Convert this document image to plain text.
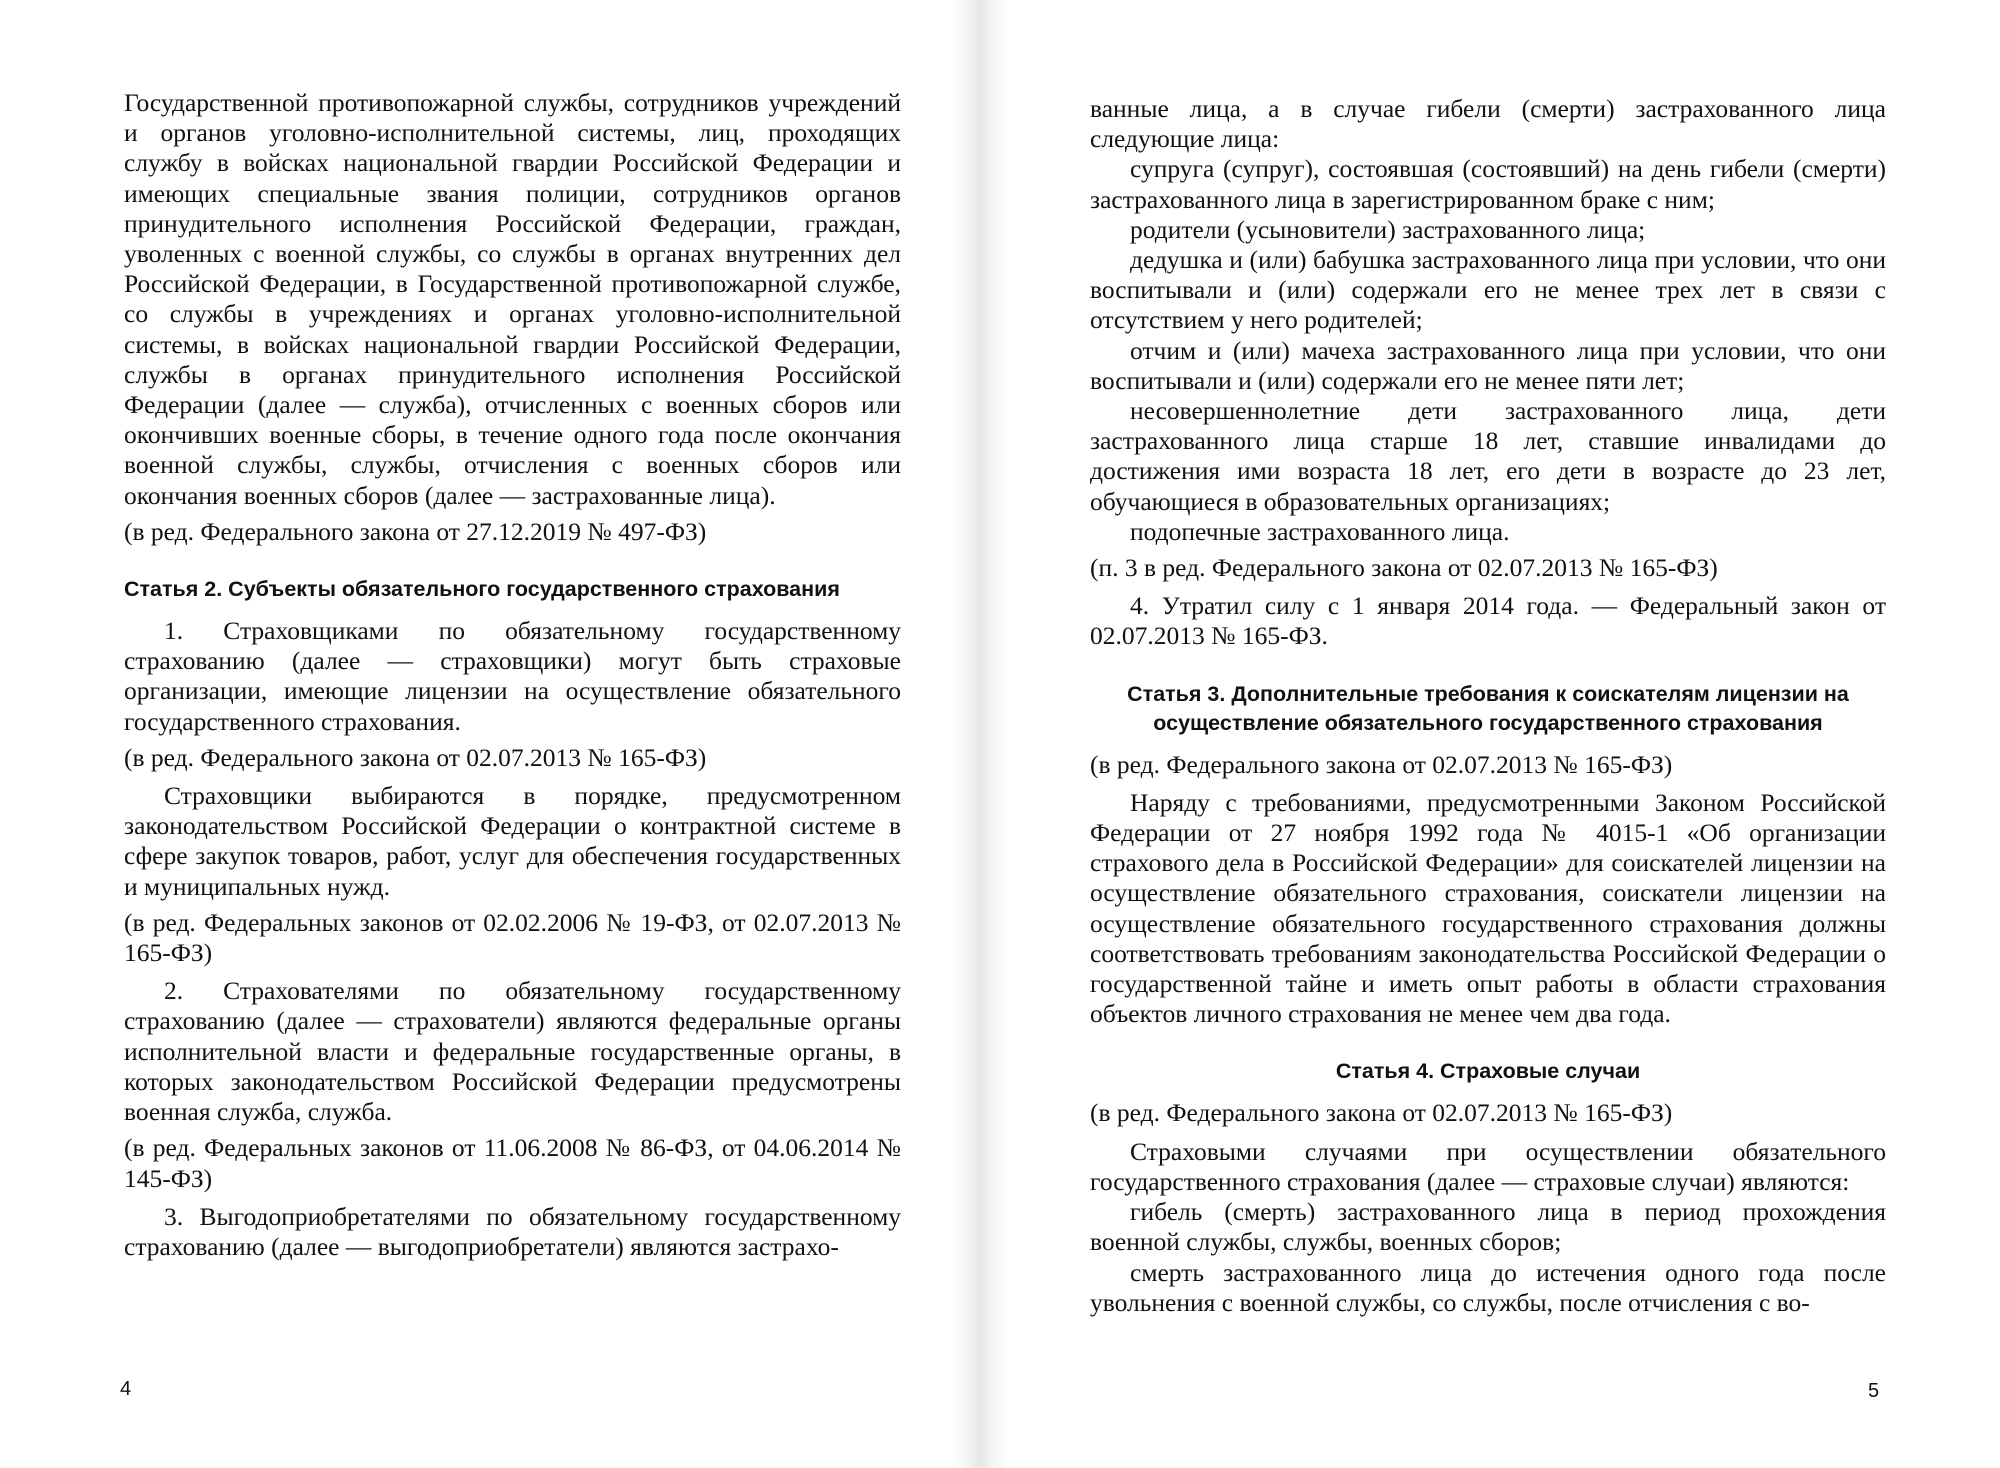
Государственной противопожарной службы, сотрудников учреждений и органов уголовно-исполнительной системы, лиц, проходящих службу в войсках национальной гвардии Российской Федерации и имеющих специальные звания полиции, сотрудников органов принудительного исполнения Российской Федерации, граждан, уволенных с военной службы, со службы в органах внутренних дел Российской Федерации, в Государственной противопожарной службе, со службы в учреждениях и органах уголовно-исполнительной системы, в войсках национальной гвардии Российской Федерации, службы в органах принудительного исполнения Российской Федерации (далее — служба), отчисленных с военных сборов или окончивших военные сборы, в течение одного года после окончания военной службы, службы, отчисления с военных сборов или окончания военных сборов (далее — застрахованные лица).

(в ред. Федерального закона от 27.12.2019 № 497-ФЗ)

Статья 2. Субъекты обязательного государственного страхования

1. Страховщиками по обязательному государственному страхованию (далее — страховщики) могут быть страховые организации, имеющие лицензии на осуществление обязательного государственного страхования.

(в ред. Федерального закона от 02.07.2013 № 165-ФЗ)

Страховщики выбираются в порядке, предусмотренном законодательством Российской Федерации о контрактной системе в сфере закупок товаров, работ, услуг для обеспечения государственных и муниципальных нужд.

(в ред. Федеральных законов от 02.02.2006 № 19-ФЗ, от 02.07.2013 № 165-ФЗ)

2. Страхователями по обязательному государственному страхованию (далее — страхователи) являются федеральные органы исполнительной власти и федеральные государственные органы, в которых законодательством Российской Федерации предусмотрены военная служба, служба.

(в ред. Федеральных законов от 11.06.2008 № 86-ФЗ, от 04.06.2014 № 145-ФЗ)

3. Выгодоприобретателями по обязательному государственному страхованию (далее — выгодоприобретатели) являются застрахо-

4

ванные лица, а в случае гибели (смерти) застрахованного лица следующие лица:

супруга (супруг), состоявшая (состоявший) на день гибели (смерти) застрахованного лица в зарегистрированном браке с ним;

родители (усыновители) застрахованного лица;

дедушка и (или) бабушка застрахованного лица при условии, что они воспитывали и (или) содержали его не менее трех лет в связи с отсутствием у него родителей;

отчим и (или) мачеха застрахованного лица при условии, что они воспитывали и (или) содержали его не менее пяти лет;

несовершеннолетние дети застрахованного лица, дети застрахованного лица старше 18 лет, ставшие инвалидами до достижения ими возраста 18 лет, его дети в возрасте до 23 лет, обучающиеся в образовательных организациях;

подопечные застрахованного лица.

(п. 3 в ред. Федерального закона от 02.07.2013 № 165-ФЗ)

4. Утратил силу с 1 января 2014 года. — Федеральный закон от 02.07.2013 № 165-ФЗ.

Статья 3. Дополнительные требования к соискателям лицензии на осуществление обязательного государственного страхования

(в ред. Федерального закона от 02.07.2013 № 165-ФЗ)

Наряду с требованиями, предусмотренными Законом Российской Федерации от 27 ноября 1992 года № 4015-1 «Об организации страхового дела в Российской Федерации» для соискателей лицензии на осуществление обязательного страхования, соискатели лицензии на осуществление обязательного государственного страхования должны соответствовать требованиям законодательства Российской Федерации о государственной тайне и иметь опыт работы в области страхования объектов личного страхования не менее чем два года.

Статья 4. Страховые случаи

(в ред. Федерального закона от 02.07.2013 № 165-ФЗ)

Страховыми случаями при осуществлении обязательного государственного страхования (далее — страховые случаи) являются:

гибель (смерть) застрахованного лица в период прохождения военной службы, службы, военных сборов;

смерть застрахованного лица до истечения одного года после увольнения с военной службы, со службы, после отчисления с во-

5
